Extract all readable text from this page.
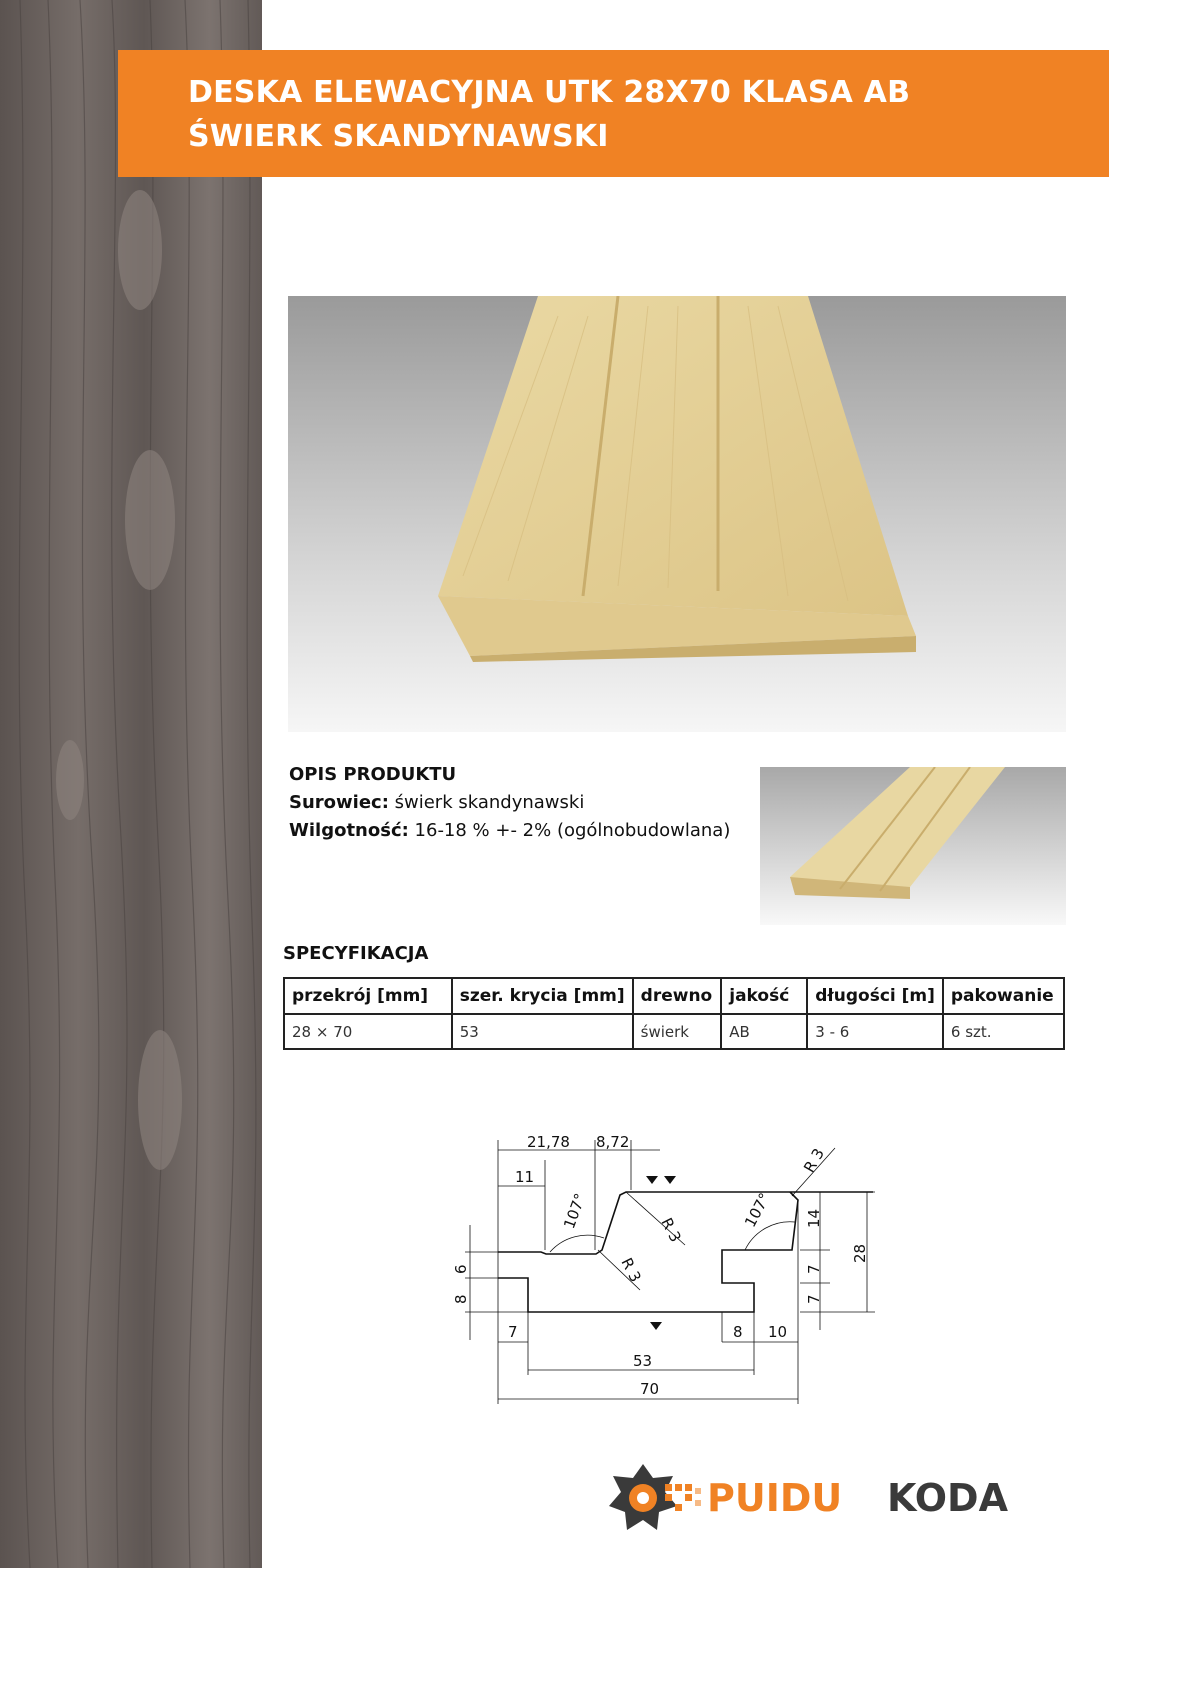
DESKA ELEWACYJNA UTK 28X70 KLASA AB
ŚWIERK SKANDYNAWSKI
OPIS PRODUKTU
Surowiec: świerk skandynawski
Wilgotność: 16-18 % +- 2% (ogólnobudowlana)
SPECYFIKACJA
przekrój [mm]	szer. krycia [mm]	drewno	jakość	długości [m]	pakowanie
28 × 70	53	świerk	AB	3 - 6	6 szt.
21,78 8,72
11
107°	107°
R 3
R 3
R 3
14
28
7
7
8
6
7	8 10
53
70
PUIDU KODA
